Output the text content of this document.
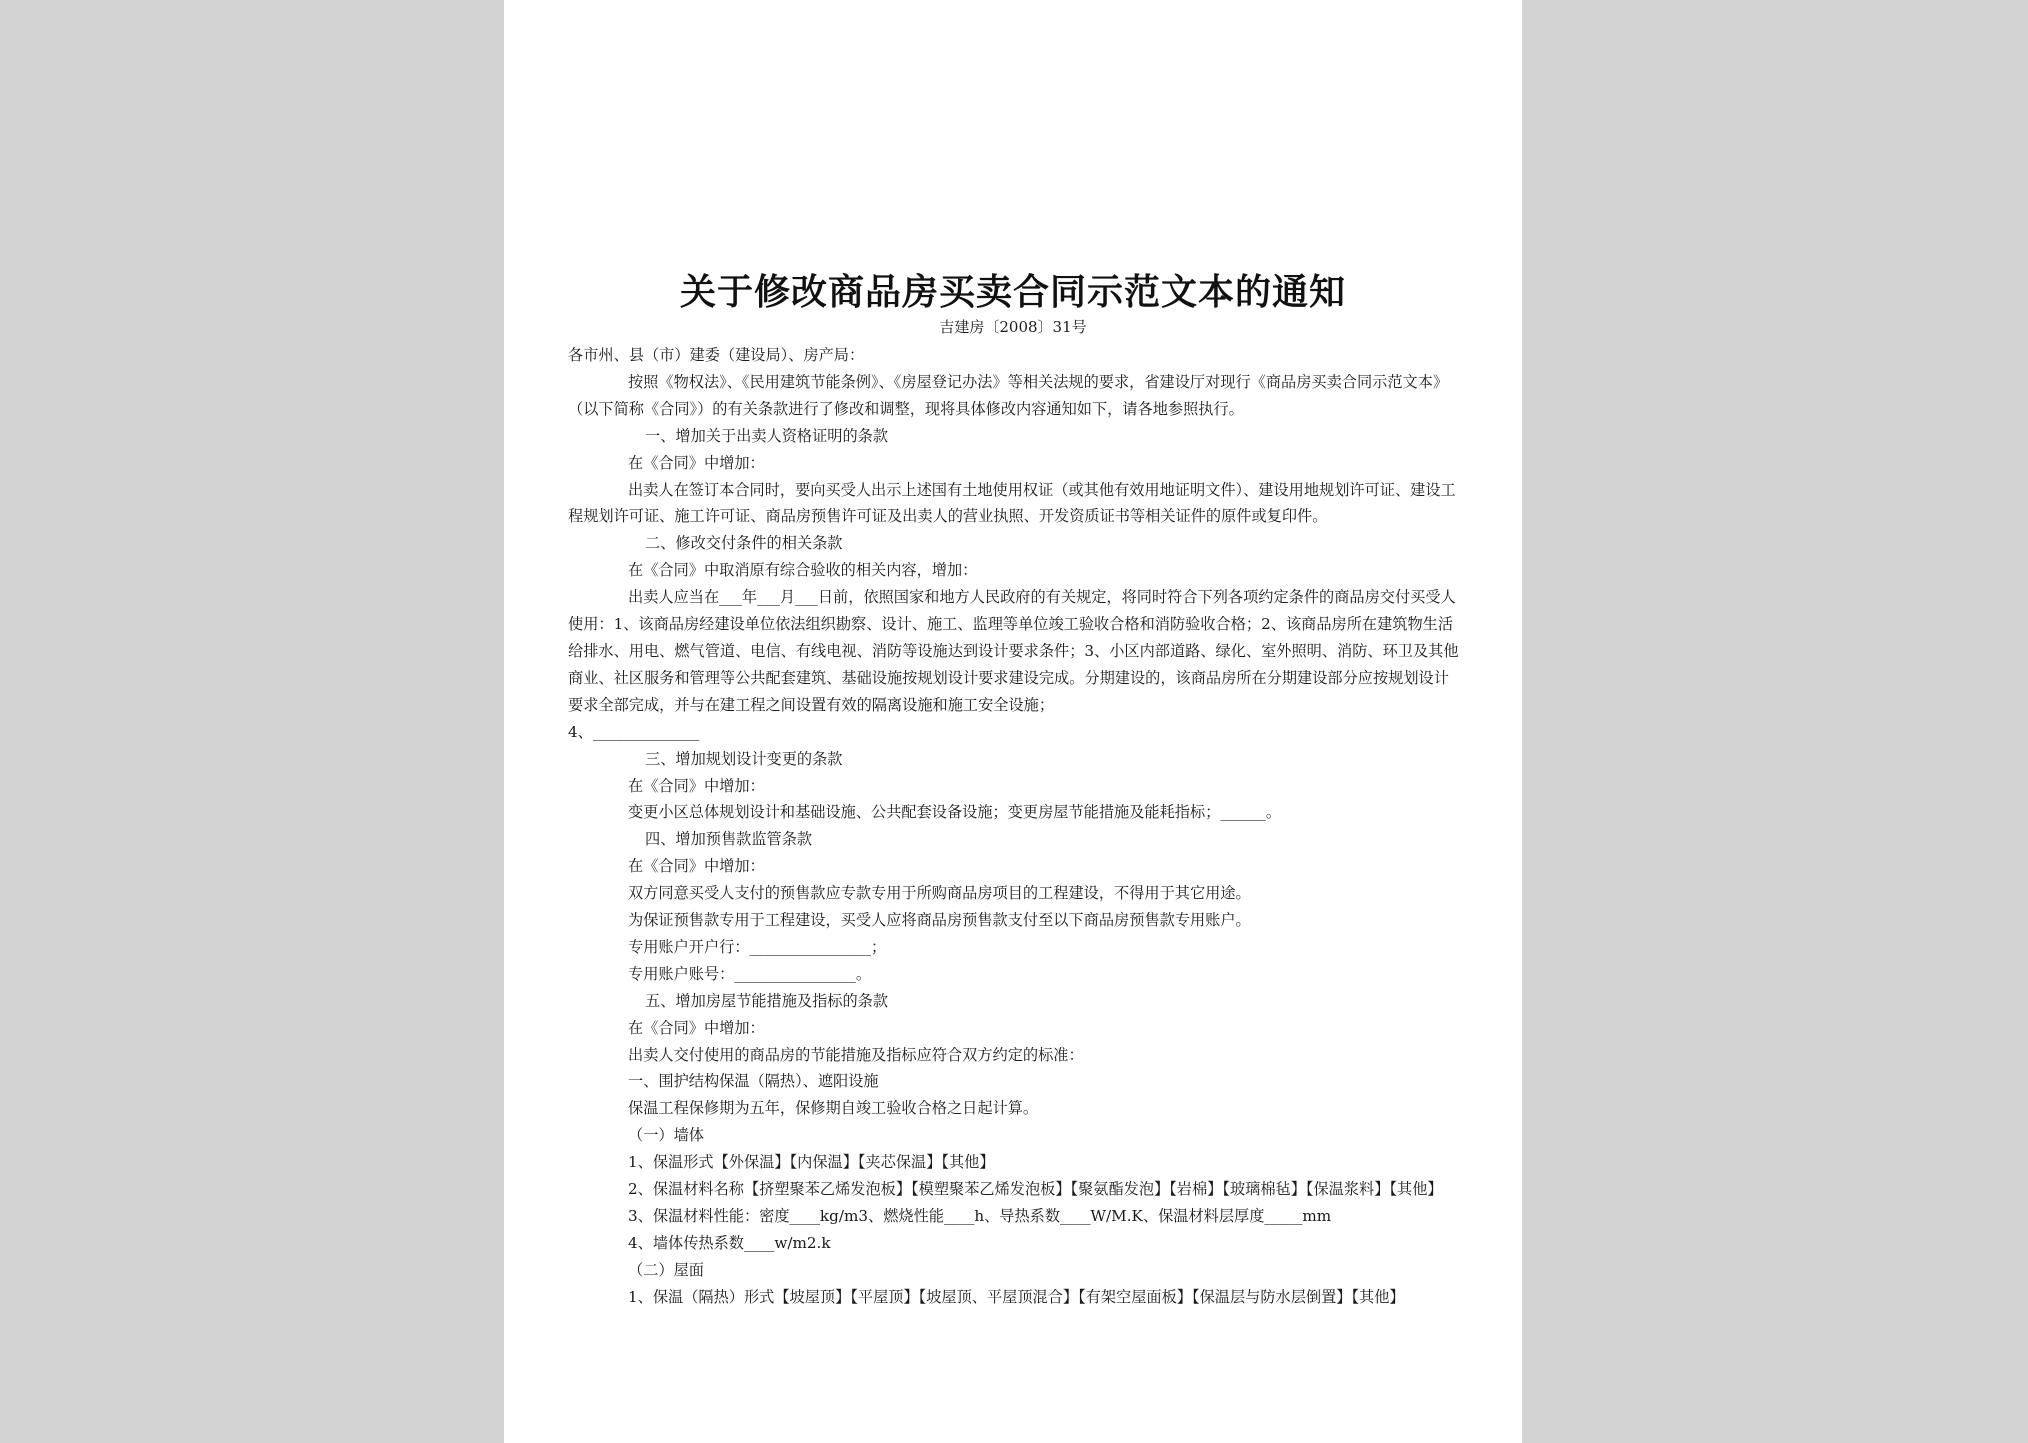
关于修改商品房买卖合同示范文本的通知
吉建房〔2008〕31号

各市州、县（市）建委（建设局）、房产局：

按照《物权法》、《民用建筑节能条例》、《房屋登记办法》等相关法规的要求，省建设厅对现行《商品房买卖合同示范文本》（以下简称《合同》）的有关条款进行了修改和调整，现将具体修改内容通知如下，请各地参照执行。

一、增加关于出卖人资格证明的条款

在《合同》中增加：

出卖人在签订本合同时，要向买受人出示上述国有土地使用权证（或其他有效用地证明文件）、建设用地规划许可证、建设工程规划许可证、施工许可证、商品房预售许可证及出卖人的营业执照、开发资质证书等相关证件的原件或复印件。

二、修改交付条件的相关条款

在《合同》中取消原有综合验收的相关内容，增加：

出卖人应当在___年___月___日前，依照国家和地方人民政府的有关规定，将同时符合下列各项约定条件的商品房交付买受人使用：1、该商品房经建设单位依法组织勘察、设计、施工、监理等单位竣工验收合格和消防验收合格；2、该商品房所在建筑物生活给排水、用电、燃气管道、电信、有线电视、消防等设施达到设计要求条件；3、小区内部道路、绿化、室外照明、消防、环卫及其他商业、社区服务和管理等公共配套建筑、基础设施按规划设计要求建设完成。分期建设的，该商品房所在分期建设部分应按规划设计要求全部完成，并与在建工程之间设置有效的隔离设施和施工安全设施；

4、______________

三、增加规划设计变更的条款

在《合同》中增加：

变更小区总体规划设计和基础设施、公共配套设备设施；变更房屋节能措施及能耗指标；______。

四、增加预售款监管条款

在《合同》中增加：

双方同意买受人支付的预售款应专款专用于所购商品房项目的工程建设，不得用于其它用途。

为保证预售款专用于工程建设，买受人应将商品房预售款支付至以下商品房预售款专用账户。

专用账户开户行：________________；

专用账户账号：________________。

五、增加房屋节能措施及指标的条款

在《合同》中增加：

出卖人交付使用的商品房的节能措施及指标应符合双方约定的标准：

一、围护结构保温（隔热）、遮阳设施

保温工程保修期为五年，保修期自竣工验收合格之日起计算。

（一）墙体

1、保温形式【外保温】【内保温】【夹芯保温】【其他】

2、保温材料名称【挤塑聚苯乙烯发泡板】【模塑聚苯乙烯发泡板】【聚氨酯发泡】【岩棉】【玻璃棉毡】【保温浆料】【其他】

3、保温材料性能：密度____kg/m3、燃烧性能____h、导热系数____W/M.K、保温材料层厚度_____mm

4、墙体传热系数____w/m2.k

（二）屋面

1、保温（隔热）形式【坡屋顶】【平屋顶】【坡屋顶、平屋顶混合】【有架空屋面板】【保温层与防水层倒置】【其他】
